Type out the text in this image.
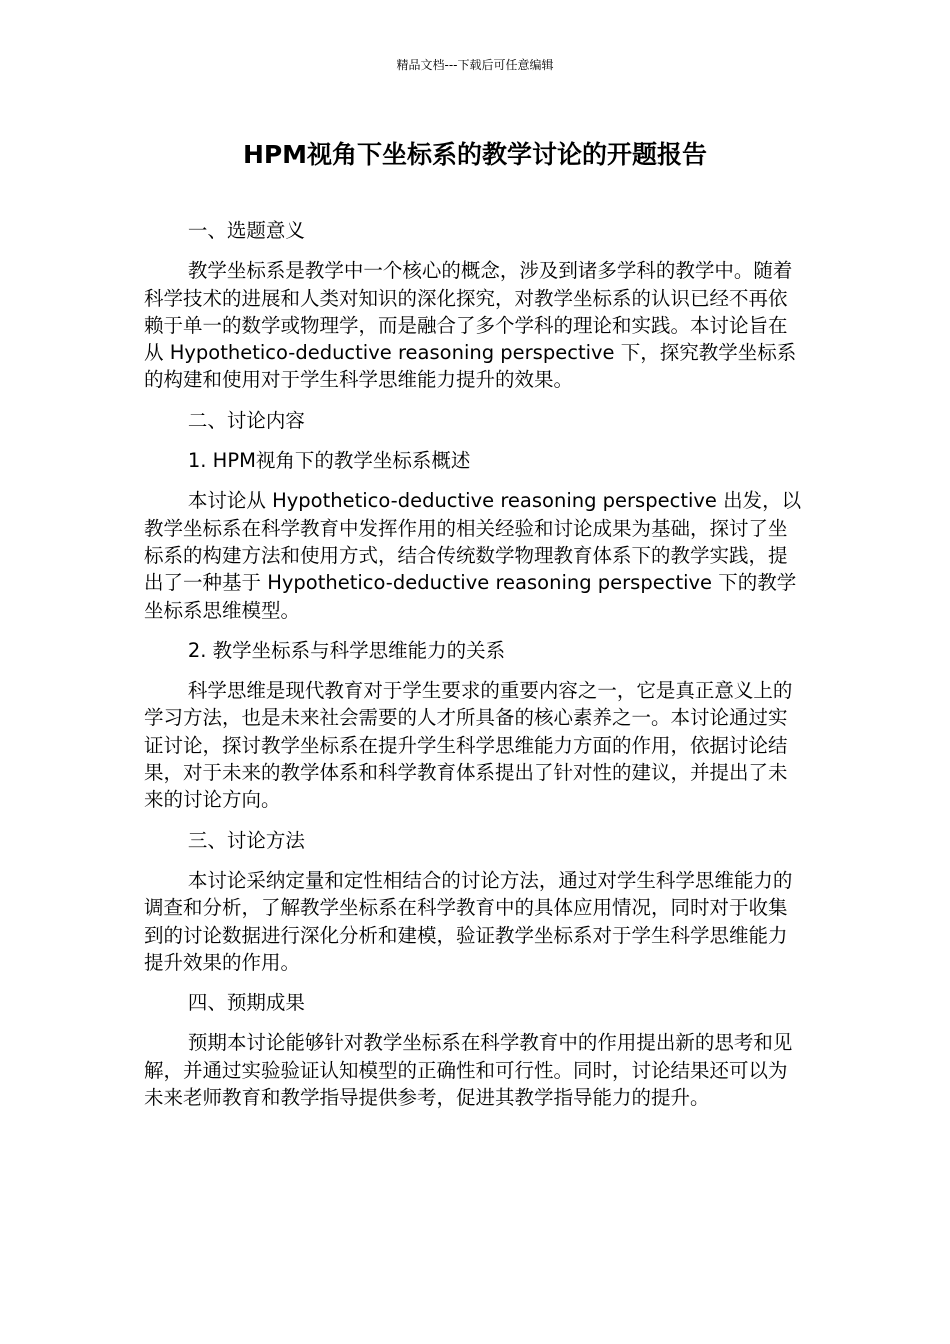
精品文档---下载后可任意编辑
HPM视角下坐标系的教学讨论的开题报告

一、选题意义

教学坐标系是教学中一个核心的概念，涉及到诸多学科的教学中。随着科学技术的进展和人类对知识的深化探究，对教学坐标系的认识已经不再依赖于单一的数学或物理学，而是融合了多个学科的理论和实践。本讨论旨在从 Hypothetico-deductive reasoning perspective 下，探究教学坐标系的构建和使用对于学生科学思维能力提升的效果。

二、讨论内容

1. HPM视角下的教学坐标系概述

本讨论从 Hypothetico-deductive reasoning perspective 出发，以教学坐标系在科学教育中发挥作用的相关经验和讨论成果为基础，探讨了坐标系的构建方法和使用方式，结合传统数学物理教育体系下的教学实践，提出了一种基于 Hypothetico-deductive reasoning perspective 下的教学坐标系思维模型。

2. 教学坐标系与科学思维能力的关系

科学思维是现代教育对于学生要求的重要内容之一，它是真正意义上的学习方法，也是未来社会需要的人才所具备的核心素养之一。本讨论通过实证讨论，探讨教学坐标系在提升学生科学思维能力方面的作用，依据讨论结果，对于未来的教学体系和科学教育体系提出了针对性的建议，并提出了未来的讨论方向。

三、讨论方法

本讨论采纳定量和定性相结合的讨论方法，通过对学生科学思维能力的调查和分析，了解教学坐标系在科学教育中的具体应用情况，同时对于收集到的讨论数据进行深化分析和建模，验证教学坐标系对于学生科学思维能力提升效果的作用。

四、预期成果

预期本讨论能够针对教学坐标系在科学教育中的作用提出新的思考和见解，并通过实验验证认知模型的正确性和可行性。同时，讨论结果还可以为未来老师教育和教学指导提供参考，促进其教学指导能力的提升。
